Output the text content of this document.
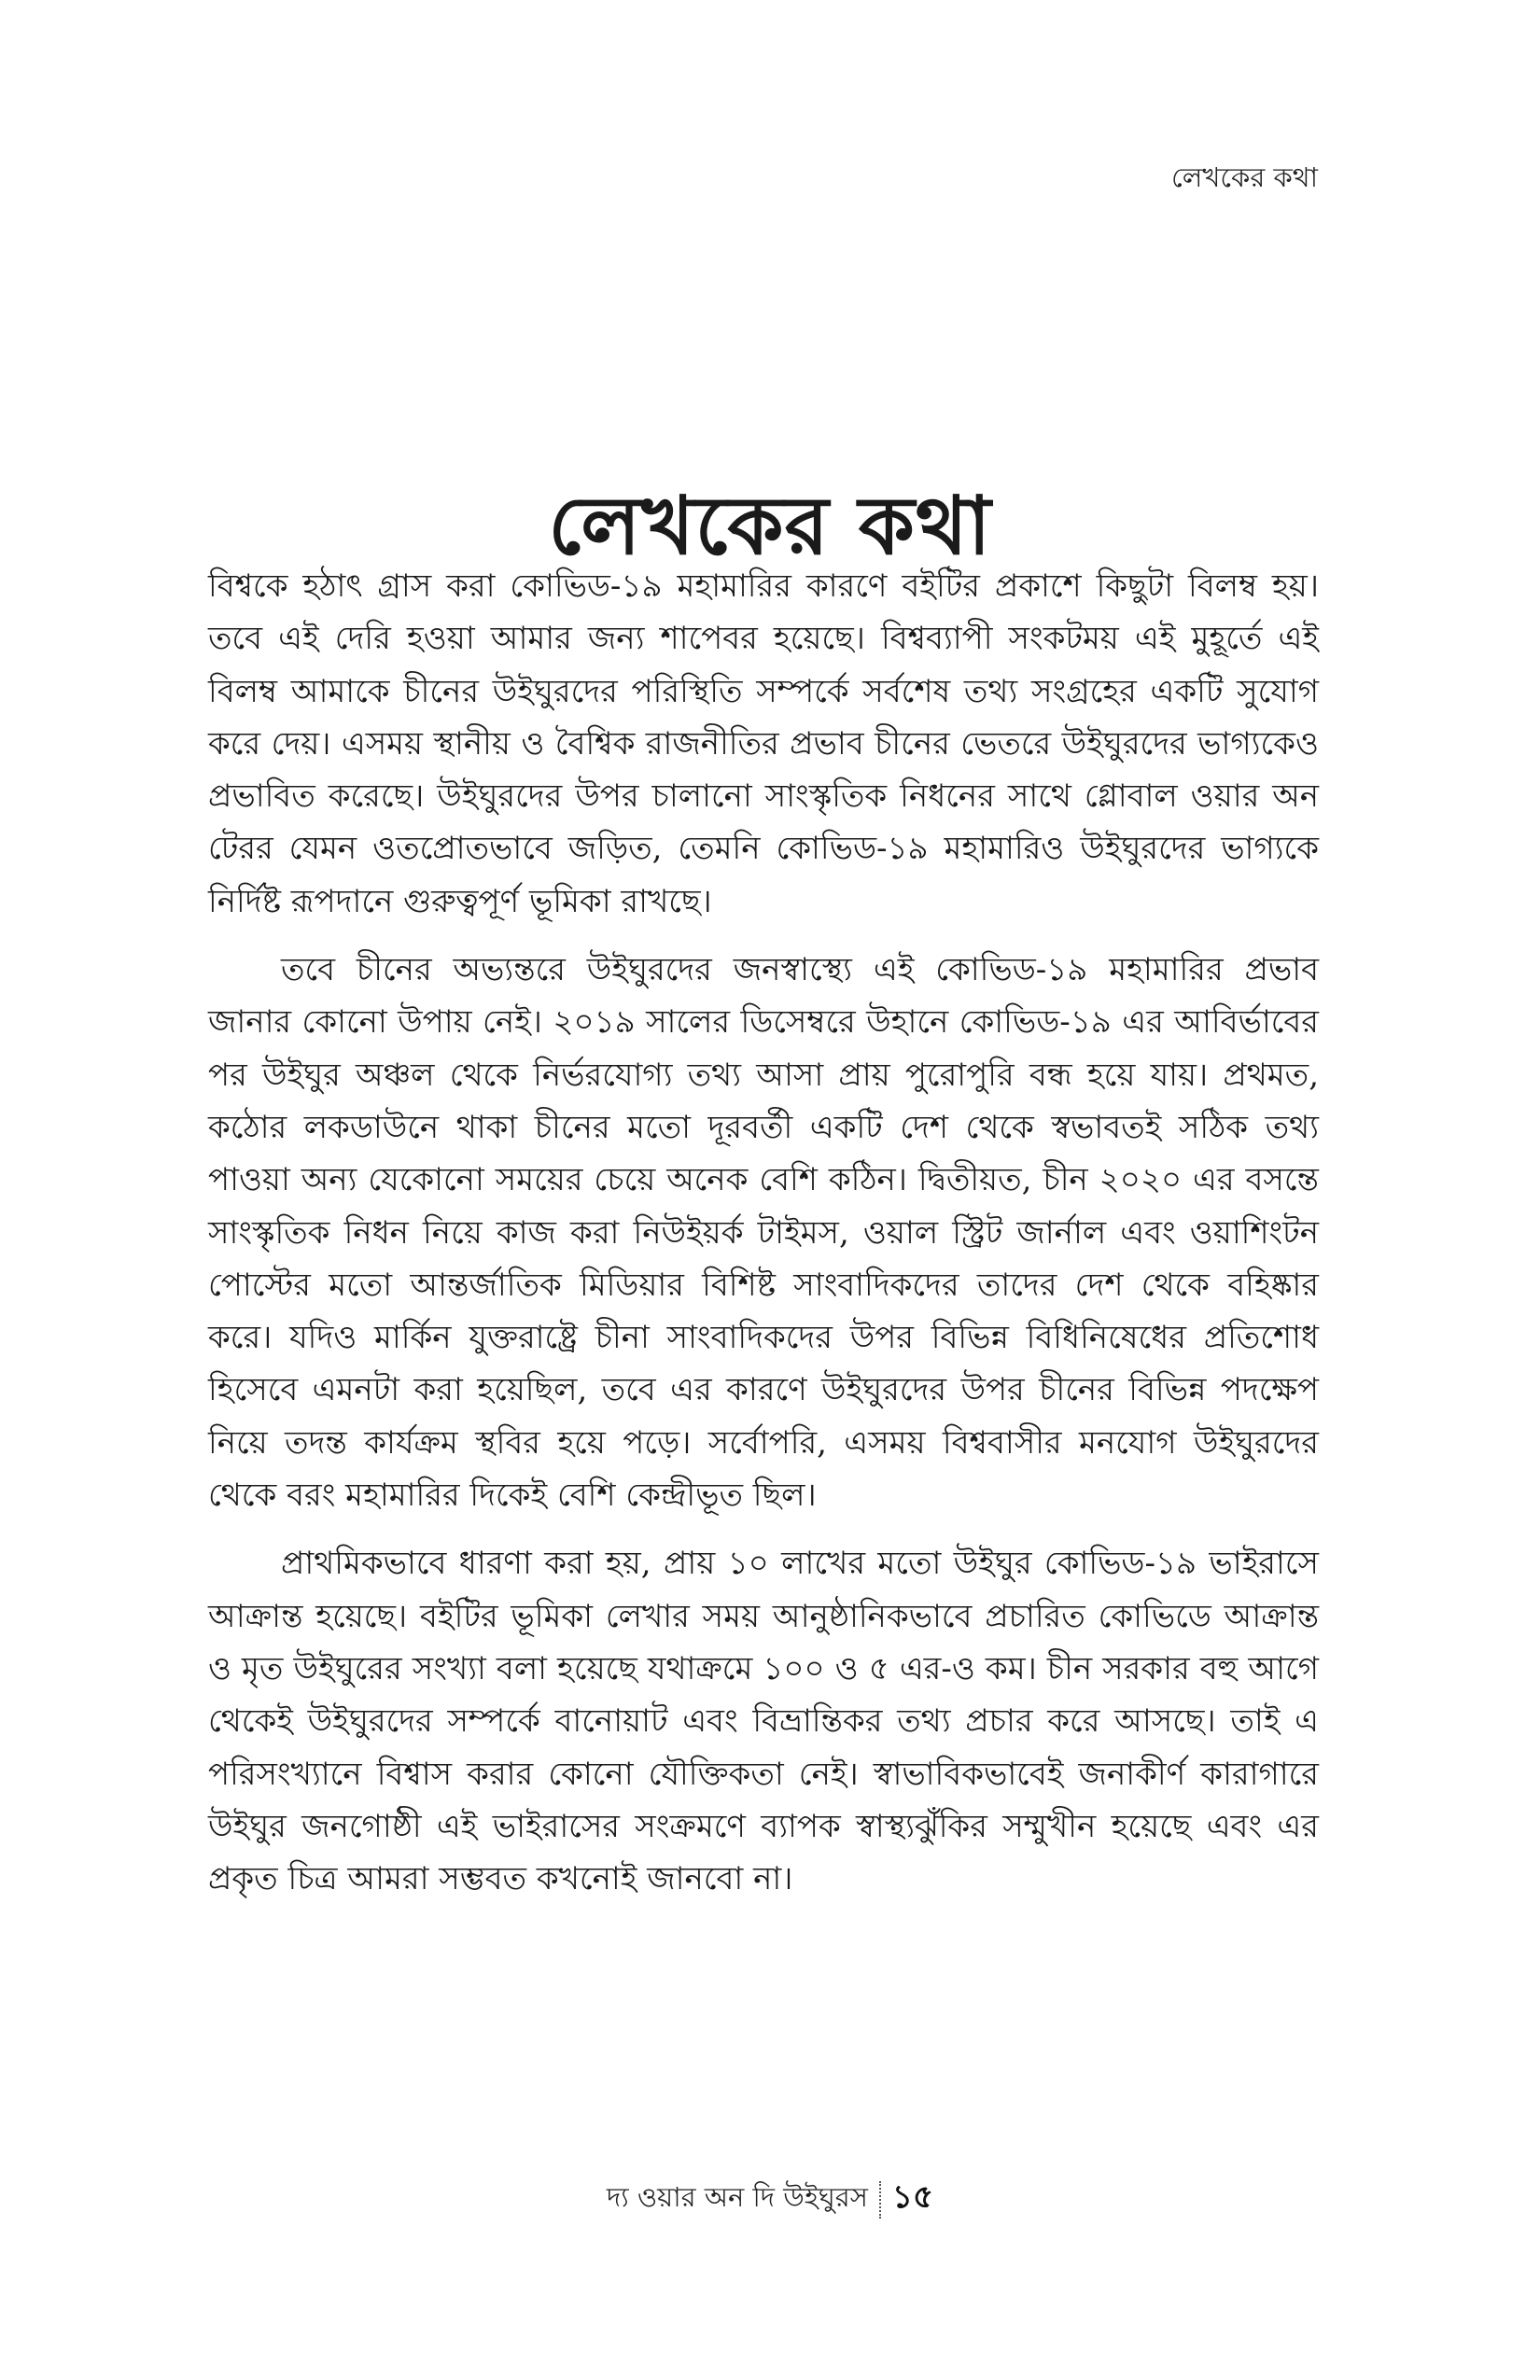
লেখকের কথা
লেখকের কথা

বিশ্বকে হঠাৎ গ্রাস করা কোভিড-১৯ মহামারির কারণে বইটির প্রকাশে কিছুটা বিলম্ব হয়। তবে এই দেরি হওয়া আমার জন্য শাপেবর হয়েছে। বিশ্বব্যাপী সংকটময় এই মুহূর্তে এই বিলম্ব আমাকে চীনের উইঘুরদের পরিস্থিতি সম্পর্কে সর্বশেষ তথ্য সংগ্রহের একটি সুযোগ করে দেয়। এসময় স্থানীয় ও বৈশ্বিক রাজনীতির প্রভাব চীনের ভেতরে উইঘুরদের ভাগ্যকেও প্রভাবিত করেছে। উইঘুরদের উপর চালানো সাংস্কৃতিক নিধনের সাথে গ্লোবাল ওয়ার অন টেরর যেমন ওতপ্রোতভাবে জড়িত, তেমনি কোভিড-১৯ মহামারিও উইঘুরদের ভাগ্যকে নির্দিষ্ট রূপদানে গুরুত্বপূর্ণ ভূমিকা রাখছে।

তবে চীনের অভ্যন্তরে উইঘুরদের জনস্বাস্থ্যে এই কোভিড-১৯ মহামারির প্রভাব জানার কোনো উপায় নেই। ২০১৯ সালের ডিসেম্বরে উহানে কোভিড-১৯ এর আবির্ভাবের পর উইঘুর অঞ্চল থেকে নির্ভরযোগ্য তথ্য আসা প্রায় পুরোপুরি বন্ধ হয়ে যায়। প্রথমত, কঠোর লকডাউনে থাকা চীনের মতো দূরবর্তী একটি দেশ থেকে স্বভাবতই সঠিক তথ্য পাওয়া অন্য যেকোনো সময়ের চেয়ে অনেক বেশি কঠিন। দ্বিতীয়ত, চীন ২০২০ এর বসন্তে সাংস্কৃতিক নিধন নিয়ে কাজ করা নিউইয়র্ক টাইমস, ওয়াল স্ট্রিট জার্নাল এবং ওয়াশিংটন পোস্টের মতো আন্তর্জাতিক মিডিয়ার বিশিষ্ট সাংবাদিকদের তাদের দেশ থেকে বহিষ্কার করে। যদিও মার্কিন যুক্তরাষ্ট্রে চীনা সাংবাদিকদের উপর বিভিন্ন বিধিনিষেধের প্রতিশোধ হিসেবে এমনটা করা হয়েছিল, তবে এর কারণে উইঘুরদের উপর চীনের বিভিন্ন পদক্ষেপ নিয়ে তদন্ত কার্যক্রম স্থবির হয়ে পড়ে। সর্বোপরি, এসময় বিশ্ববাসীর মনযোগ উইঘুরদের থেকে বরং মহামারির দিকেই বেশি কেন্দ্রীভূত ছিল।

প্রাথমিকভাবে ধারণা করা হয়, প্রায় ১০ লাখের মতো উইঘুর কোভিড-১৯ ভাইরাসে আক্রান্ত হয়েছে। বইটির ভূমিকা লেখার সময় আনুষ্ঠানিকভাবে প্রচারিত কোভিডে আক্রান্ত ও মৃত উইঘুরের সংখ্যা বলা হয়েছে যথাক্রমে ১০০ ও ৫ এর-ও কম। চীন সরকার বহু আগে থেকেই উইঘুরদের সম্পর্কে বানোয়াট এবং বিভ্রান্তিকর তথ্য প্রচার করে আসছে। তাই এ পরিসংখ্যানে বিশ্বাস করার কোনো যৌক্তিকতা নেই। স্বাভাবিকভাবেই জনাকীর্ণ কারাগারে উইঘুর জনগোষ্ঠী এই ভাইরাসের সংক্রমণে ব্যাপক স্বাস্থ্যঝুঁকির সম্মুখীন হয়েছে এবং এর প্রকৃত চিত্র আমরা সম্ভবত কখনোই জানবো না।

দ্য ওয়ার অন দি উইঘুরস ১৫
